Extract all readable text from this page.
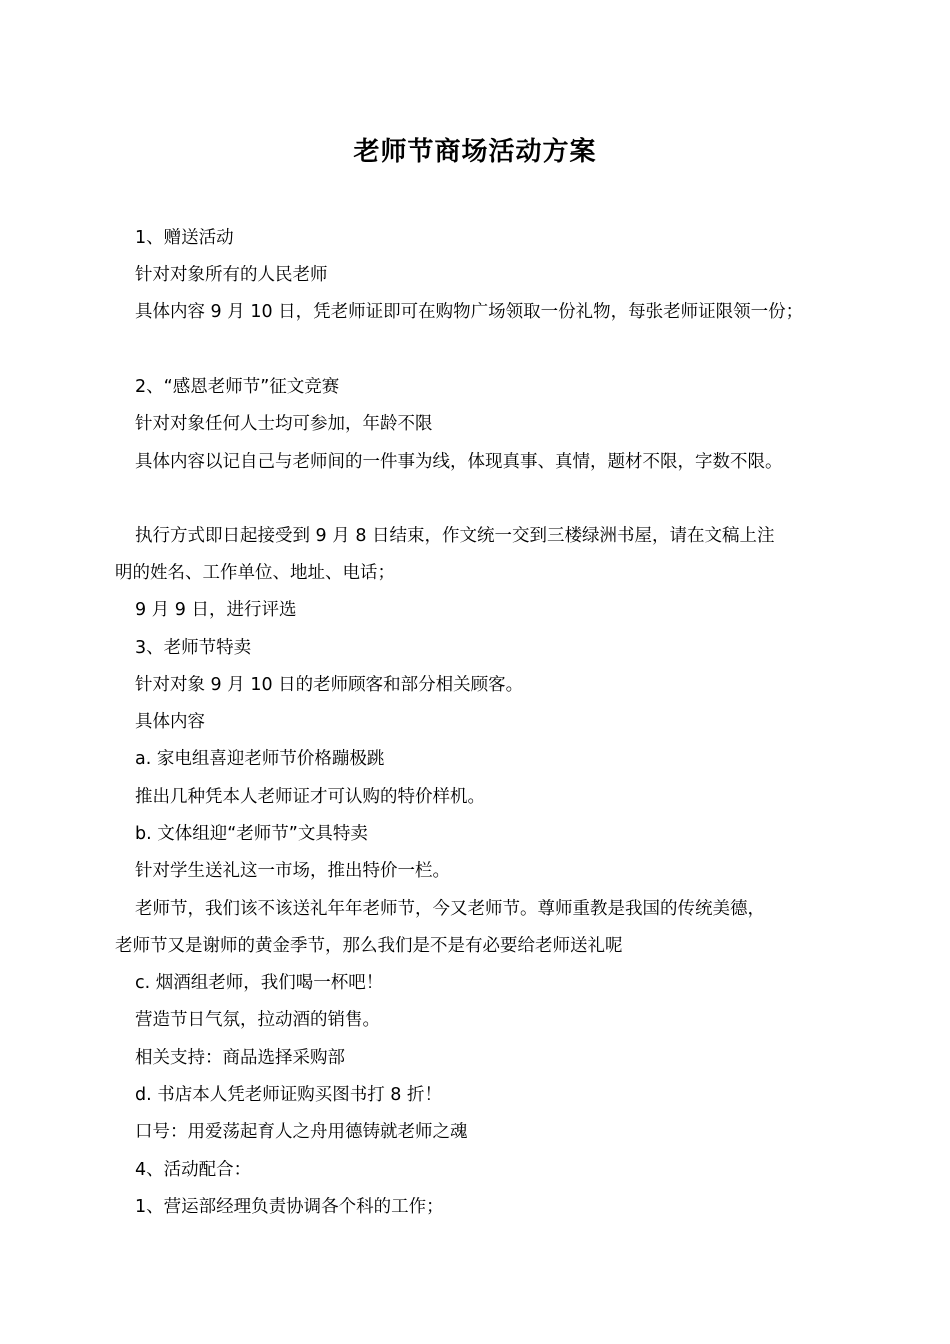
老师节商场活动方案
1、赠送活动
针对对象所有的人民老师
具体内容 9 月 10 日，凭老师证即可在购物广场领取一份礼物，每张老师证限领一份；
2、“感恩老师节”征文竞赛
针对对象任何人士均可参加，年龄不限
具体内容以记自己与老师间的一件事为线，体现真事、真情，题材不限，字数不限。
执行方式即日起接受到 9 月 8 日结束，作文统一交到三楼绿洲书屋，请在文稿上注
明的姓名、工作单位、地址、电话；
9 月 9 日，进行评选
3、老师节特卖
针对对象 9 月 10 日的老师顾客和部分相关顾客。
具体内容
a. 家电组喜迎老师节价格蹦极跳
推出几种凭本人老师证才可认购的特价样机。
b. 文体组迎“老师节”文具特卖
针对学生送礼这一市场，推出特价一栏。
老师节，我们该不该送礼年年老师节，今又老师节。尊师重教是我国的传统美德，
老师节又是谢师的黄金季节，那么我们是不是有必要给老师送礼呢
c. 烟酒组老师，我们喝一杯吧！
营造节日气氛，拉动酒的销售。
相关支持：商品选择采购部
d. 书店本人凭老师证购买图书打 8 折！
口号：用爱荡起育人之舟用德铸就老师之魂
4、活动配合：
1、营运部经理负责协调各个科的工作；
